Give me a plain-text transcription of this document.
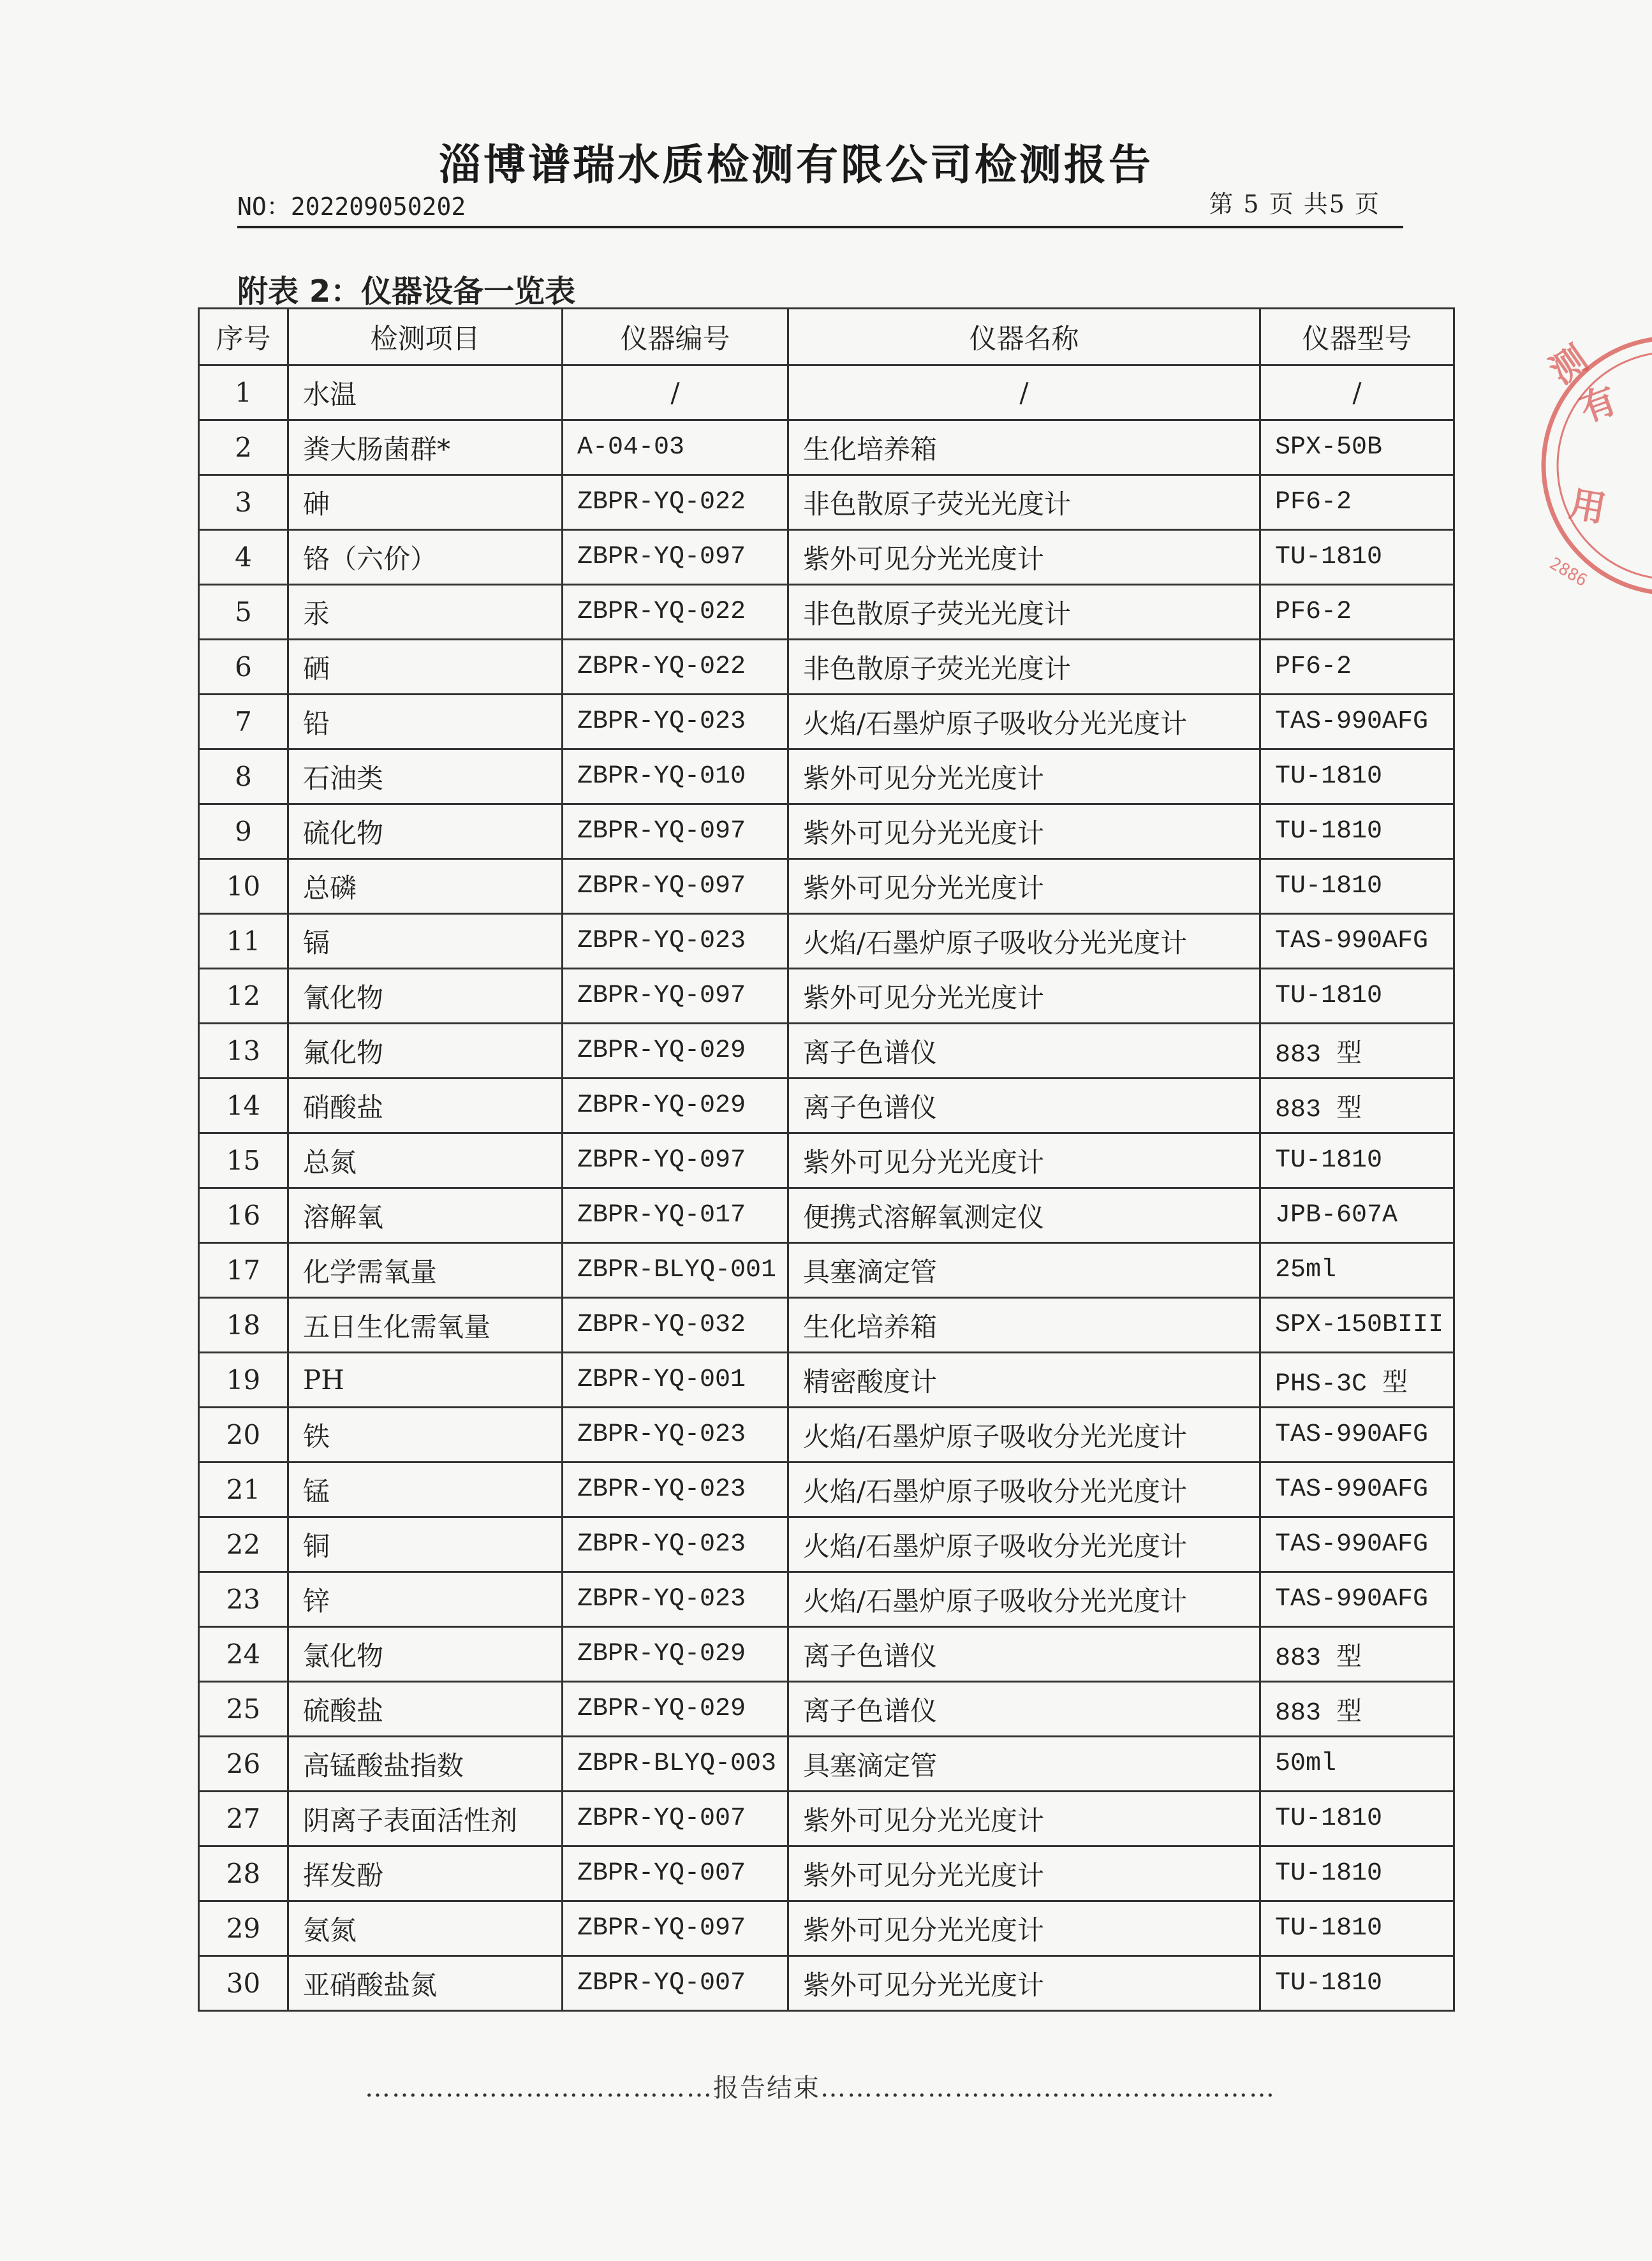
淄博谱瑞水质检测有限公司检测报告
NO：202209050202	第 5 页 共5 页
附表 2：仪器设备一览表
序号	检测项目	仪器编号	仪器名称	仪器型号
1	水温	/	/	/
2	粪大肠菌群*	A-04-03	生化培养箱	SPX-50B
3	砷	ZBPR-YQ-022	非色散原子荧光光度计	PF6-2
4	铬（六价）	ZBPR-YQ-097	紫外可见分光光度计	TU-1810
5	汞	ZBPR-YQ-022	非色散原子荧光光度计	PF6-2
6	硒	ZBPR-YQ-022	非色散原子荧光光度计	PF6-2
7	铅	ZBPR-YQ-023	火焰/石墨炉原子吸收分光光度计	TAS-990AFG
8	石油类	ZBPR-YQ-010	紫外可见分光光度计	TU-1810
9	硫化物	ZBPR-YQ-097	紫外可见分光光度计	TU-1810
10	总磷	ZBPR-YQ-097	紫外可见分光光度计	TU-1810
11	镉	ZBPR-YQ-023	火焰/石墨炉原子吸收分光光度计	TAS-990AFG
12	氰化物	ZBPR-YQ-097	紫外可见分光光度计	TU-1810
13	氟化物	ZBPR-YQ-029	离子色谱仪	883 型
14	硝酸盐	ZBPR-YQ-029	离子色谱仪	883 型
15	总氮	ZBPR-YQ-097	紫外可见分光光度计	TU-1810
16	溶解氧	ZBPR-YQ-017	便携式溶解氧测定仪	JPB-607A
17	化学需氧量	ZBPR-BLYQ-001	具塞滴定管	25ml
18	五日生化需氧量	ZBPR-YQ-032	生化培养箱	SPX-150BIII
19	PH	ZBPR-YQ-001	精密酸度计	PHS-3C 型
20	铁	ZBPR-YQ-023	火焰/石墨炉原子吸收分光光度计	TAS-990AFG
21	锰	ZBPR-YQ-023	火焰/石墨炉原子吸收分光光度计	TAS-990AFG
22	铜	ZBPR-YQ-023	火焰/石墨炉原子吸收分光光度计	TAS-990AFG
23	锌	ZBPR-YQ-023	火焰/石墨炉原子吸收分光光度计	TAS-990AFG
24	氯化物	ZBPR-YQ-029	离子色谱仪	883 型
25	硫酸盐	ZBPR-YQ-029	离子色谱仪	883 型
26	高锰酸盐指数	ZBPR-BLYQ-003	具塞滴定管	50ml
27	阴离子表面活性剂	ZBPR-YQ-007	紫外可见分光光度计	TU-1810
28	挥发酚	ZBPR-YQ-007	紫外可见分光光度计	TU-1810
29	氨氮	ZBPR-YQ-097	紫外可见分光光度计	TU-1810
30	亚硝酸盐氮	ZBPR-YQ-007	紫外可见分光光度计	TU-1810
…………………………………报告结束……………………………………………
测
有
用
2886
